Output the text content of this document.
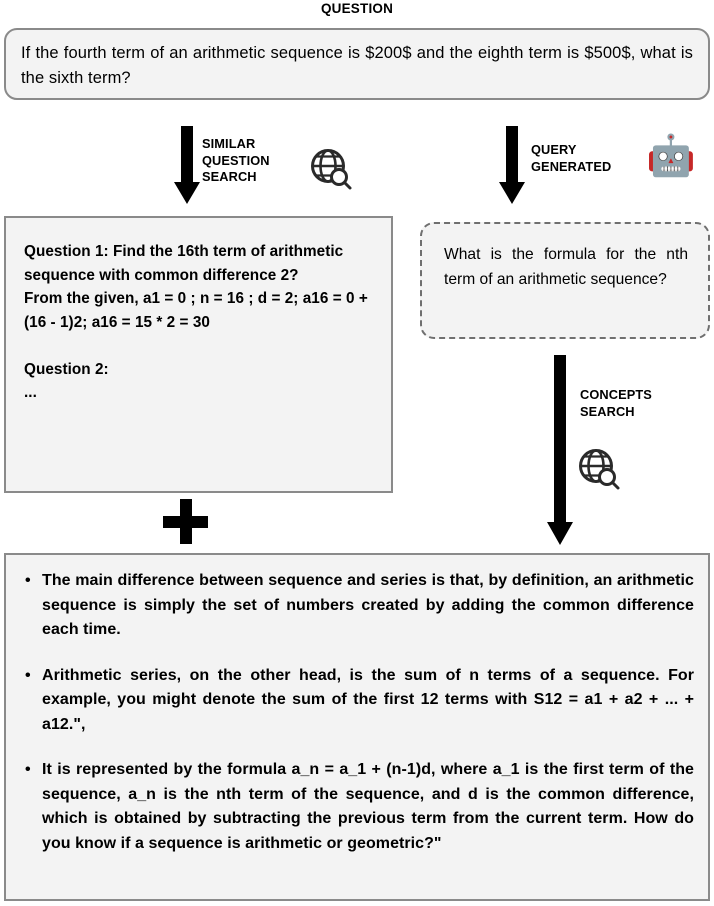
QUESTION
If the fourth term of an arithmetic sequence is $200$ and the eighth term is $500$, what is the sixth term?
SIMILAR QUESTION SEARCH
QUERY GENERATED 🤖
Question 1: Find the 16th term of arithmetic sequence with common difference 2?
From the given, a1 = 0 ; n = 16 ; d = 2; a16 = 0 + (16 - 1)2; a16 = 15 * 2 = 30
Question 2:
...
What is the formula for the nth term of an arithmetic sequence?
CONCEPTS SEARCH
• The main difference between sequence and series is that, by definition, an arithmetic sequence is simply the set of numbers created by adding the common difference each time.
• Arithmetic series, on the other head, is the sum of n terms of a sequence. For example, you might denote the sum of the first 12 terms with S12 = a1 + a2 + ... + a12.",
• It is represented by the formula a_n = a_1 + (n-1)d, where a_1 is the first term of the sequence, a_n is the nth term of the sequence, and d is the common difference, which is obtained by subtracting the previous term from the current term. How do you know if a sequence is arithmetic or geometric?"
